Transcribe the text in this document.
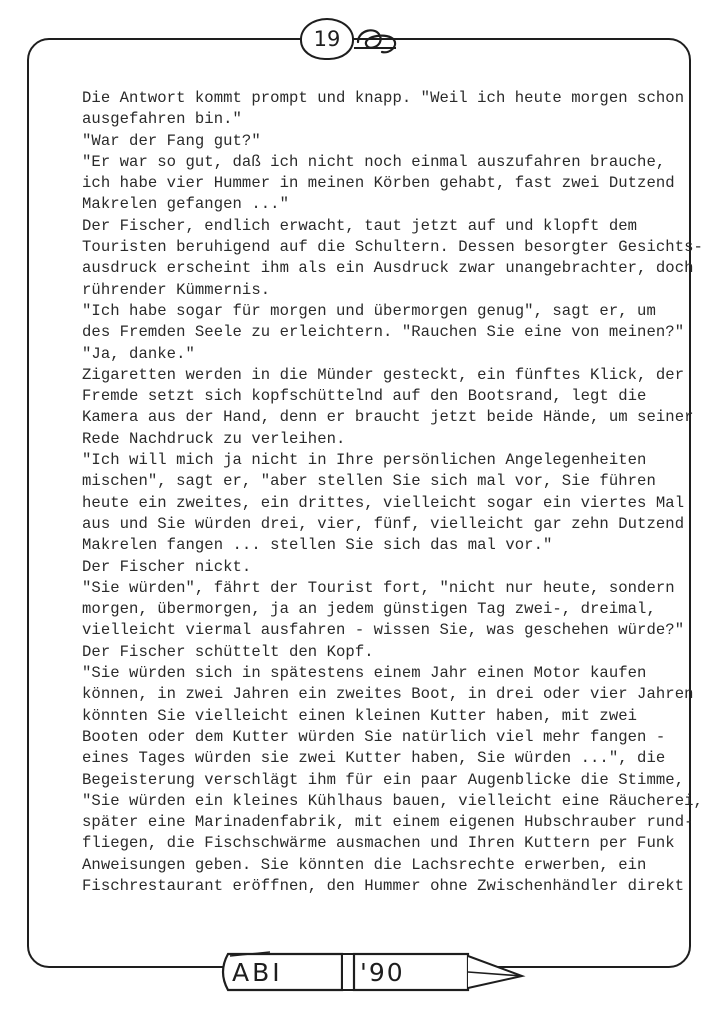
19
Die Antwort kommt prompt und knapp. "Weil ich heute morgen schon
ausgefahren bin."
"War der Fang gut?"
"Er war so gut, daß ich nicht noch einmal auszufahren brauche,
ich habe vier Hummer in meinen Körben gehabt, fast zwei Dutzend
Makrelen gefangen ..."
Der Fischer, endlich erwacht, taut jetzt auf und klopft dem
Touristen beruhigend auf die Schultern. Dessen besorgter Gesichts-
ausdruck erscheint ihm als ein Ausdruck zwar unangebrachter, doch
rührender Kümmernis.
"Ich habe sogar für morgen und übermorgen genug", sagt er, um
des Fremden Seele zu erleichtern. "Rauchen Sie eine von meinen?"
"Ja, danke."
Zigaretten werden in die Münder gesteckt, ein fünftes Klick, der
Fremde setzt sich kopfschüttelnd auf den Bootsrand, legt die
Kamera aus der Hand, denn er braucht jetzt beide Hände, um seiner
Rede Nachdruck zu verleihen.
"Ich will mich ja nicht in Ihre persönlichen Angelegenheiten
mischen", sagt er, "aber stellen Sie sich mal vor, Sie führen
heute ein zweites, ein drittes, vielleicht sogar ein viertes Mal
aus und Sie würden drei, vier, fünf, vielleicht gar zehn Dutzend
Makrelen fangen ... stellen Sie sich das mal vor."
Der Fischer nickt.
"Sie würden", fährt der Tourist fort, "nicht nur heute, sondern
morgen, übermorgen, ja an jedem günstigen Tag zwei-, dreimal,
vielleicht viermal ausfahren - wissen Sie, was geschehen würde?"
Der Fischer schüttelt den Kopf.
"Sie würden sich in spätestens einem Jahr einen Motor kaufen
können, in zwei Jahren ein zweites Boot, in drei oder vier Jahren
könnten Sie vielleicht einen kleinen Kutter haben, mit zwei
Booten oder dem Kutter würden Sie natürlich viel mehr fangen -
eines Tages würden sie zwei Kutter haben, Sie würden ...", die
Begeisterung verschlägt ihm für ein paar Augenblicke die Stimme,
"Sie würden ein kleines Kühlhaus bauen, vielleicht eine Räucherei,
später eine Marinadenfabrik, mit einem eigenen Hubschrauber rund-
fliegen, die Fischschwärme ausmachen und Ihren Kuttern per Funk
Anweisungen geben. Sie könnten die Lachsrechte erwerben, ein
Fischrestaurant eröffnen, den Hummer ohne Zwischenhändler direkt
ABI	'90
